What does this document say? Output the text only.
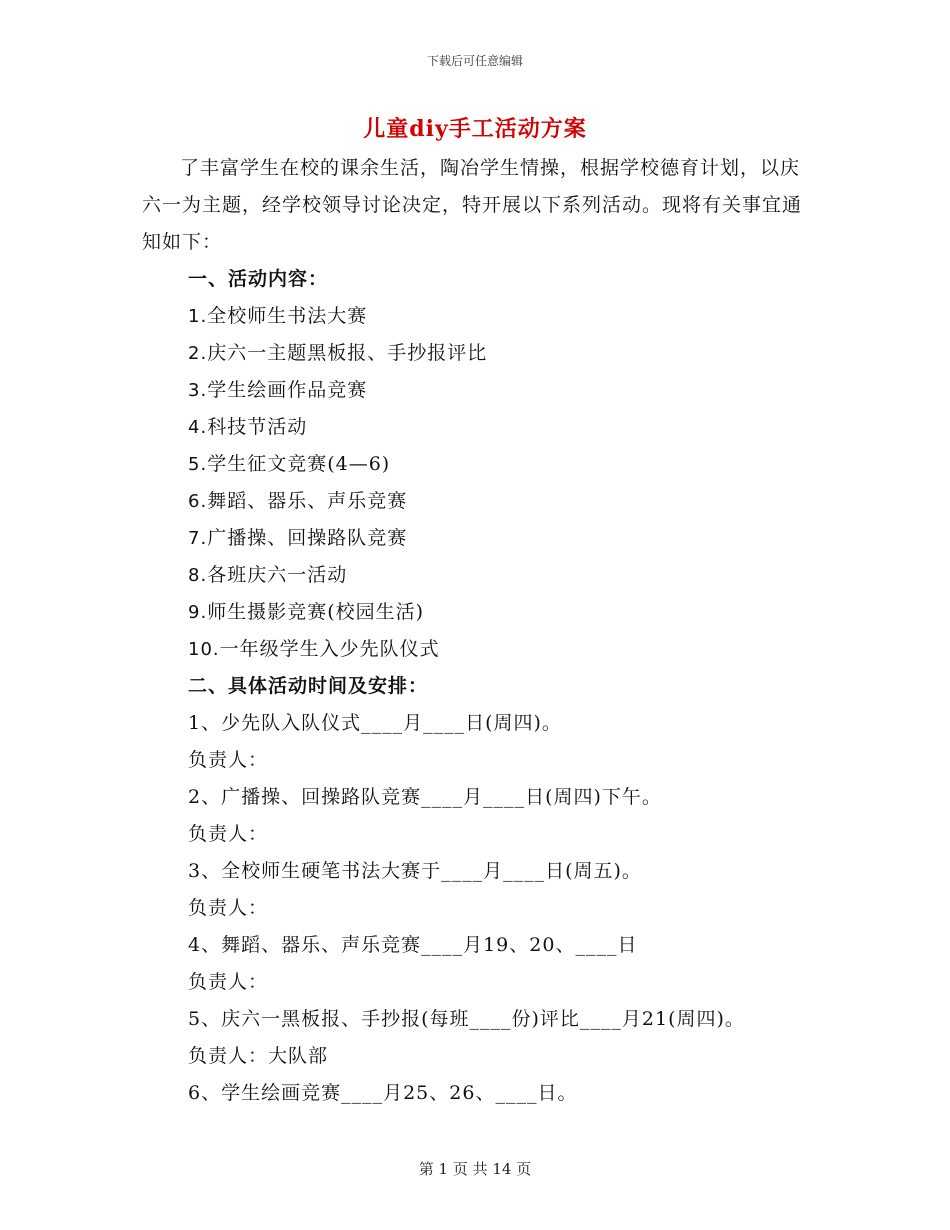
下载后可任意编辑
儿童diy手工活动方案

了丰富学生在校的课余生活，陶冶学生情操，根据学校德育计划，以庆六一为主题，经学校领导讨论决定，特开展以下系列活动。现将有关事宜通知如下：

一、活动内容：
1.全校师生书法大赛
2.庆六一主题黑板报、手抄报评比
3.学生绘画作品竞赛
4.科技节活动
5.学生征文竞赛(4—6)
6.舞蹈、器乐、声乐竞赛
7.广播操、回操路队竞赛
8.各班庆六一活动
9.师生摄影竞赛(校园生活)
10.一年级学生入少先队仪式
二、具体活动时间及安排：
1、少先队入队仪式____月____日(周四)。
负责人：
2、广播操、回操路队竞赛____月____日(周四)下午。
负责人：
3、全校师生硬笔书法大赛于____月____日(周五)。
负责人：
4、舞蹈、器乐、声乐竞赛____月19、20、____日
负责人：
5、庆六一黑板报、手抄报(每班____份)评比____月21(周四)。
负责人：大队部
6、学生绘画竞赛____月25、26、____日。
第 1 页 共 14 页
